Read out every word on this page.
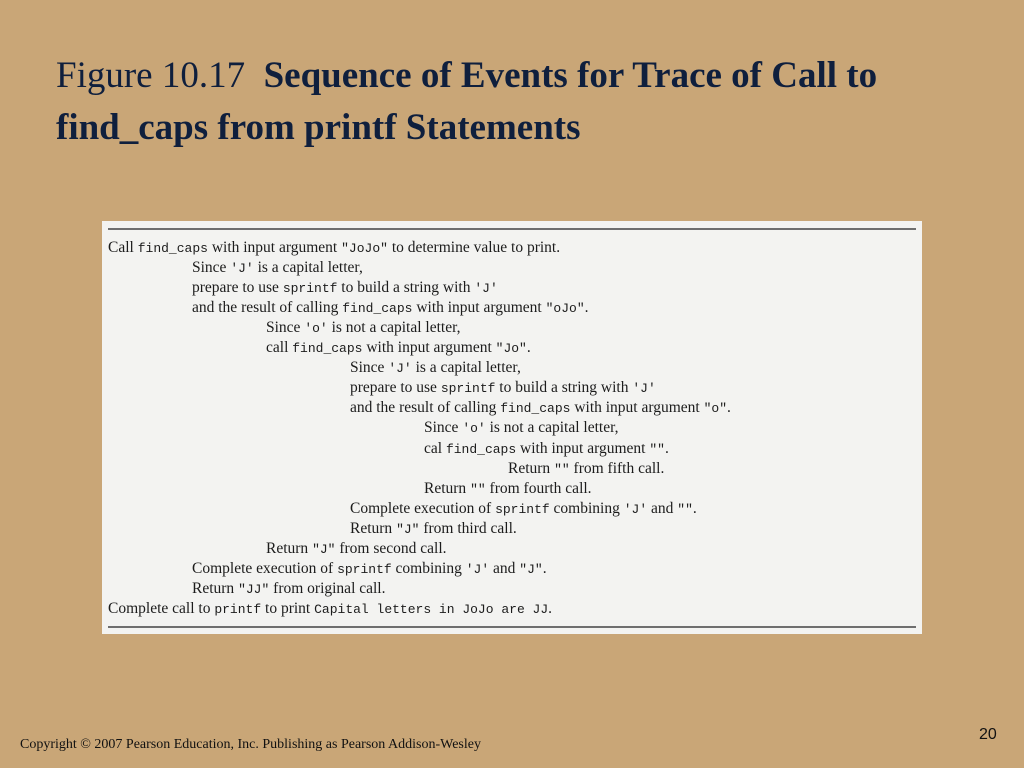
Figure 10.17 Sequence of Events for Trace of Call to find_caps from printf Statements
Call find_caps with input argument "JoJo" to determine value to print.
Since 'J' is a capital letter,
prepare to use sprintf to build a string with 'J'
and the result of calling find_caps with input argument "oJo".
Since 'o' is not a capital letter,
call find_caps with input argument "Jo".
Since 'J' is a capital letter,
prepare to use sprintf to build a string with 'J'
and the result of calling find_caps with input argument "o".
Since 'o' is not a capital letter,
cal find_caps with input argument "".
Return "" from fifth call.
Return "" from fourth call.
Complete execution of sprintf combining 'J' and "".
Return "J" from third call.
Return "J" from second call.
Complete execution of sprintf combining 'J' and "J".
Return "JJ" from original call.
Complete call to printf to print Capital letters in JoJo are JJ.
Copyright © 2007 Pearson Education, Inc. Publishing as Pearson Addison-Wesley
20
